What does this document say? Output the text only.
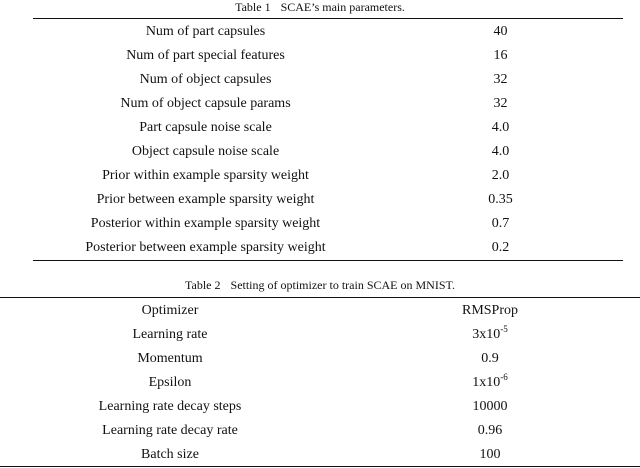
Table 1 SCAE’s main parameters.
Num of part capsules	40
Num of part special features	16
Num of object capsules	32
Num of object capsule params	32
Part capsule noise scale	4.0
Object capsule noise scale	4.0
Prior within example sparsity weight	2.0
Prior between example sparsity weight	0.35
Posterior within example sparsity weight	0.7
Posterior between example sparsity weight	0.2
Table 2 Setting of optimizer to train SCAE on MNIST.
Optimizer	RMSProp
Learning rate	$3x10^{-5}$
Momentum	0.9
Epsilon	$1x10^{-6}$
Learning rate decay steps	10000
Learning rate decay rate	0.96
Batch size	100
